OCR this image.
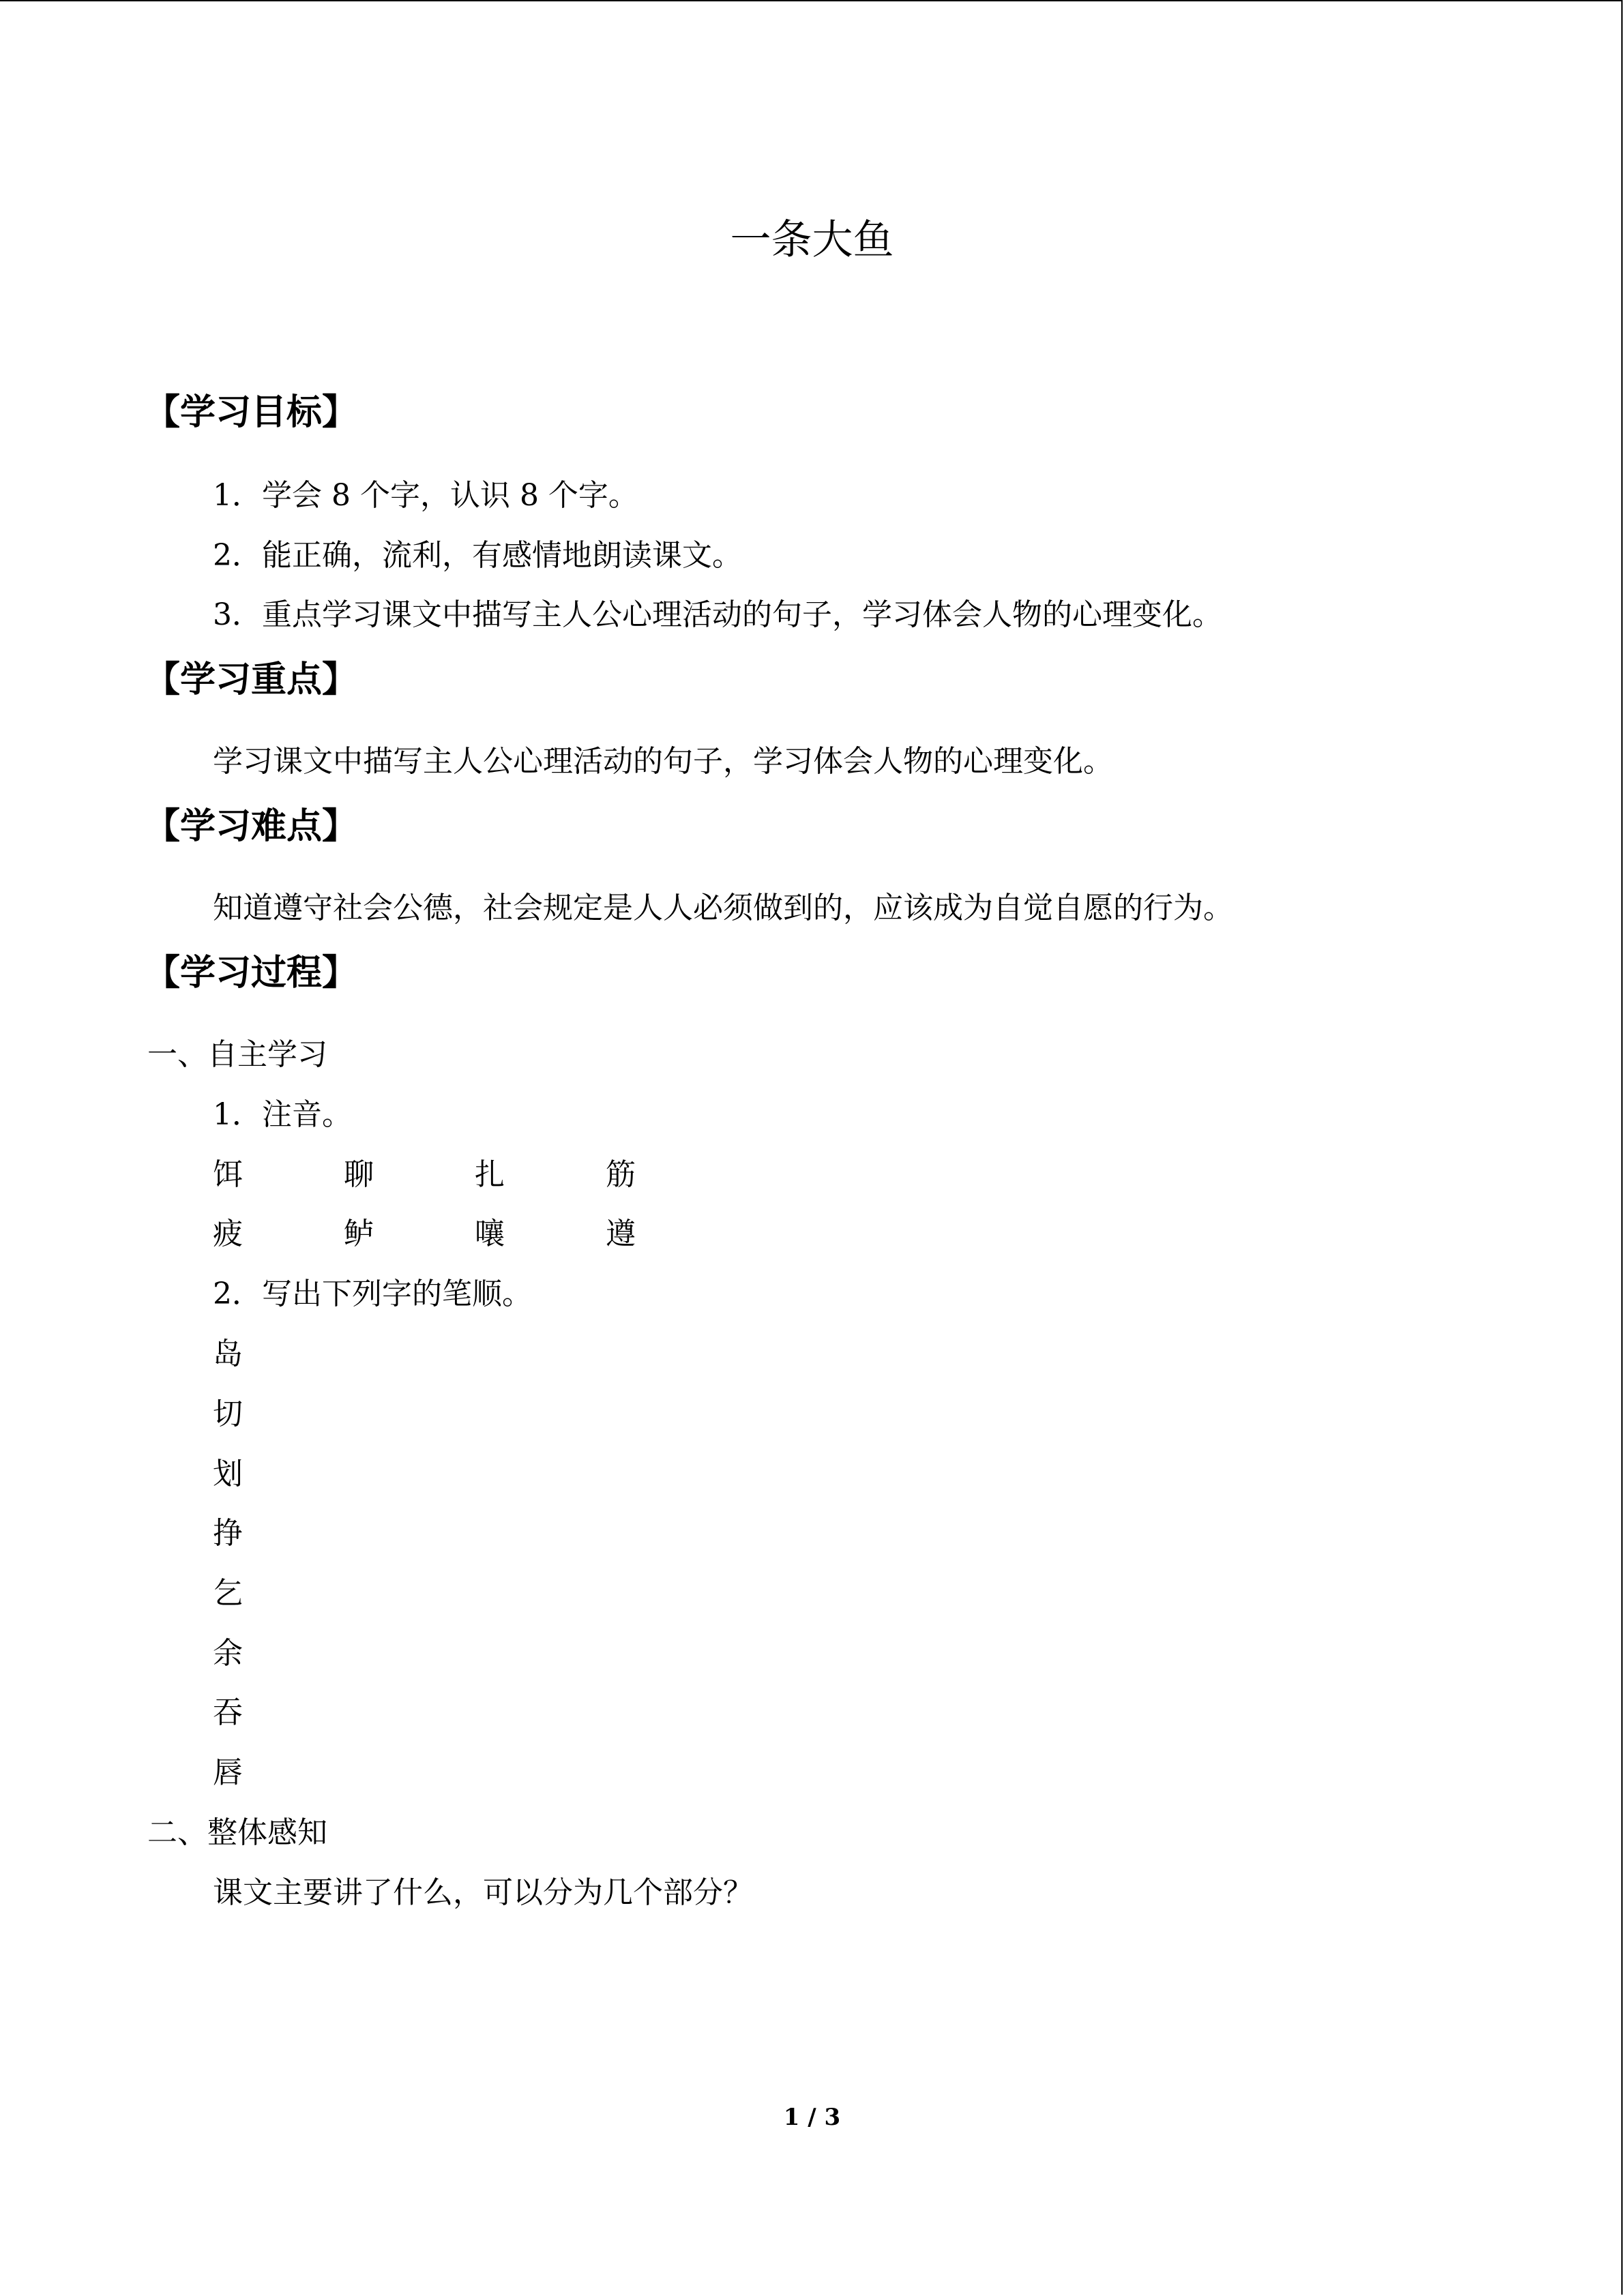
一条大鱼
【学习目标】
1．学会 8 个字，认识 8 个字。
2．能正确，流利，有感情地朗读课文。
3．重点学习课文中描写主人公心理活动的句子，学习体会人物的心理变化。
【学习重点】
学习课文中描写主人公心理活动的句子，学习体会人物的心理变化。
【学习难点】
知道遵守社会公德，社会规定是人人必须做到的，应该成为自觉自愿的行为。
【学习过程】
一、自主学习
1．注音。
饵	聊	扎	筋
疲	鲈	嚷	遵
2．写出下列字的笔顺。
岛
切
划
挣
乞
余
吞
唇
二、整体感知
课文主要讲了什么，可以分为几个部分？
1 / 3
